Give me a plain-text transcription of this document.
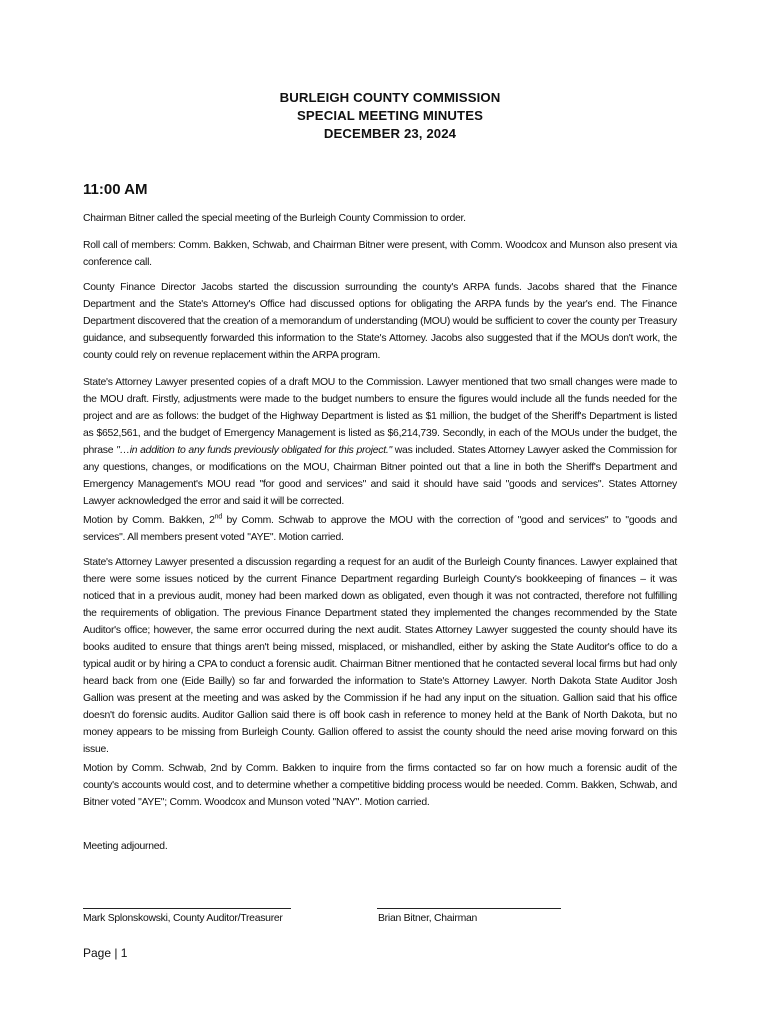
BURLEIGH COUNTY COMMISSION
SPECIAL MEETING MINUTES
DECEMBER 23, 2024
11:00 AM

Chairman Bitner called the special meeting of the Burleigh County Commission to order.

Roll call of members: Comm. Bakken, Schwab, and Chairman Bitner were present, with Comm. Woodcox and Munson also present via conference call.

County Finance Director Jacobs started the discussion surrounding the county's ARPA funds. Jacobs shared that the Finance Department and the State's Attorney's Office had discussed options for obligating the ARPA funds by the year's end. The Finance Department discovered that the creation of a memorandum of understanding (MOU) would be sufficient to cover the county per Treasury guidance, and subsequently forwarded this information to the State's Attorney. Jacobs also suggested that if the MOUs don't work, the county could rely on revenue replacement within the ARPA program.

State's Attorney Lawyer presented copies of a draft MOU to the Commission. Lawyer mentioned that two small changes were made to the MOU draft. Firstly, adjustments were made to the budget numbers to ensure the figures would include all the funds needed for the project and are as follows: the budget of the Highway Department is listed as $1 million, the budget of the Sheriff's Department is listed as $652,561, and the budget of Emergency Management is listed as $6,214,739. Secondly, in each of the MOUs under the budget, the phrase "…in addition to any funds previously obligated for this project." was included. States Attorney Lawyer asked the Commission for any questions, changes, or modifications on the MOU, Chairman Bitner pointed out that a line in both the Sheriff's Department and Emergency Management's MOU read "for good and services" and said it should have said "goods and services". States Attorney Lawyer acknowledged the error and said it will be corrected.

Motion by Comm. Bakken, 2nd by Comm. Schwab to approve the MOU with the correction of "good and services" to "goods and services". All members present voted "AYE". Motion carried.

State's Attorney Lawyer presented a discussion regarding a request for an audit of the Burleigh County finances. Lawyer explained that there were some issues noticed by the current Finance Department regarding Burleigh County's bookkeeping of finances – it was noticed that in a previous audit, money had been marked down as obligated, even though it was not contracted, therefore not fulfilling the requirements of obligation. The previous Finance Department stated they implemented the changes recommended by the State Auditor's office; however, the same error occurred during the next audit. States Attorney Lawyer suggested the county should have its books audited to ensure that things aren't being missed, misplaced, or mishandled, either by asking the State Auditor's office to do a typical audit or by hiring a CPA to conduct a forensic audit. Chairman Bitner mentioned that he contacted several local firms but had only heard back from one (Eide Bailly) so far and forwarded the information to State's Attorney Lawyer. North Dakota State Auditor Josh Gallion was present at the meeting and was asked by the Commission if he had any input on the situation. Gallion said that his office doesn't do forensic audits. Auditor Gallion said there is off book cash in reference to money held at the Bank of North Dakota, but no money appears to be missing from Burleigh County. Gallion offered to assist the county should the need arise moving forward on this issue.

Motion by Comm. Schwab, 2nd by Comm. Bakken to inquire from the firms contacted so far on how much a forensic audit of the county's accounts would cost, and to determine whether a competitive bidding process would be needed. Comm. Bakken, Schwab, and Bitner voted "AYE"; Comm. Woodcox and Munson voted "NAY". Motion carried.

Meeting adjourned.

Mark Splonskowski, County Auditor/Treasurer	Brian Bitner, Chairman
Page | 1
